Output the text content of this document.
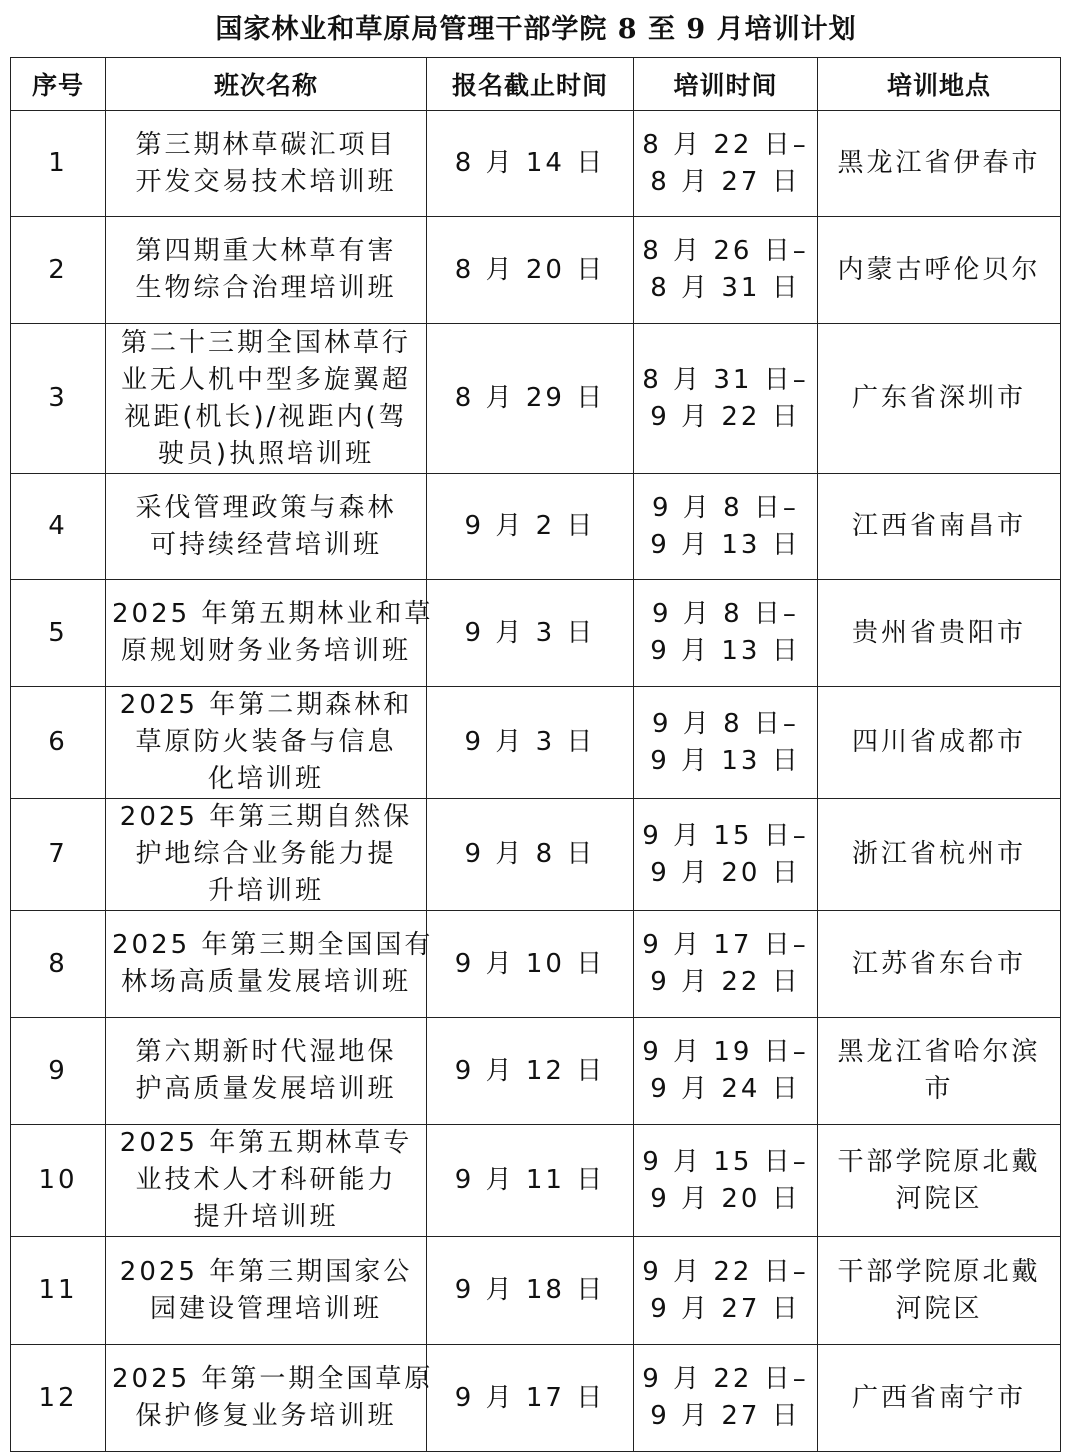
国家林业和草原局管理干部学院 8 至 9 月培训计划
序号	班次名称	报名截止时间	培训时间	培训地点
1	第三期林草碳汇项目
开发交易技术培训班	8 月 14 日	8 月 22 日–
8 月 27 日	黑龙江省伊春市

2	第四期重大林草有害
生物综合治理培训班	8 月 20 日	8 月 26 日–
8 月 31 日	内蒙古呼伦贝尔

3	第二十三期全国林草行
业无人机中型多旋翼超
视距(机长)/视距内(驾
驶员)执照培训班	8 月 29 日	8 月 31 日–
9 月 22 日	广东省深圳市

4	采伐管理政策与森林
可持续经营培训班	9 月 2 日	9 月 8 日–
9 月 13 日	江西省南昌市

5	2025 年第五期林业和草
原规划财务业务培训班	9 月 3 日	9 月 8 日–
9 月 13 日	贵州省贵阳市

6	2025 年第二期森林和
草原防火装备与信息
化培训班	9 月 3 日	9 月 8 日–
9 月 13 日	四川省成都市

7	2025 年第三期自然保
护地综合业务能力提
升培训班	9 月 8 日	9 月 15 日–
9 月 20 日	浙江省杭州市

8	2025 年第三期全国国有
林场高质量发展培训班	9 月 10 日	9 月 17 日–
9 月 22 日	江苏省东台市

9	第六期新时代湿地保
护高质量发展培训班	9 月 12 日	9 月 19 日–
9 月 24 日	黑龙江省哈尔滨
市

10	2025 年第五期林草专
业技术人才科研能力
提升培训班	9 月 11 日	9 月 15 日–
9 月 20 日	干部学院原北戴
河院区

11	2025 年第三期国家公
园建设管理培训班	9 月 18 日	9 月 22 日–
9 月 27 日	干部学院原北戴
河院区

12	2025 年第一期全国草原
保护修复业务培训班	9 月 17 日	9 月 22 日–
9 月 27 日	广西省南宁市
